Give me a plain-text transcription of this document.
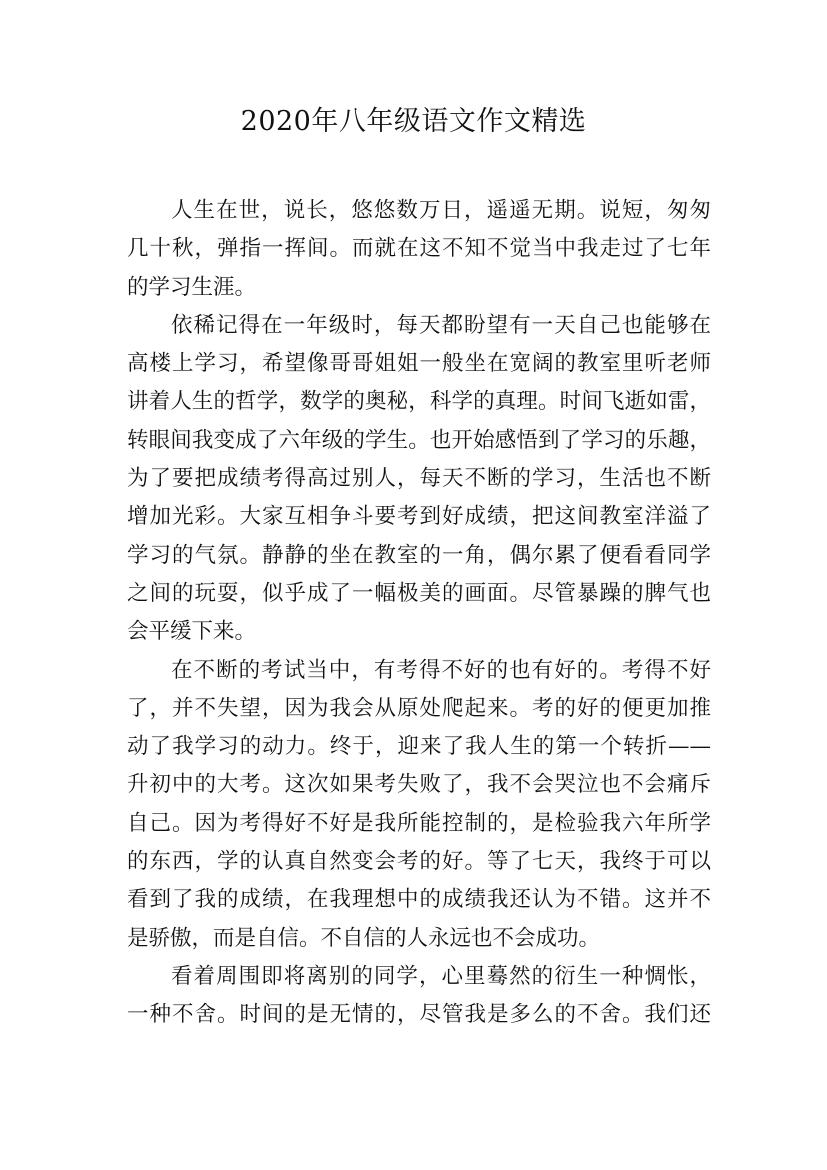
2020年八年级语文作文精选
人生在世，说长，悠悠数万日，遥遥无期。说短，匆匆
几十秋，弹指一挥间。而就在这不知不觉当中我走过了七年
的学习生涯。
依稀记得在一年级时，每天都盼望有一天自己也能够在
高楼上学习，希望像哥哥姐姐一般坐在宽阔的教室里听老师
讲着人生的哲学，数学的奥秘，科学的真理。时间飞逝如雷，
转眼间我变成了六年级的学生。也开始感悟到了学习的乐趣，
为了要把成绩考得高过别人，每天不断的学习，生活也不断
增加光彩。大家互相争斗要考到好成绩，把这间教室洋溢了
学习的气氛。静静的坐在教室的一角，偶尔累了便看看同学
之间的玩耍，似乎成了一幅极美的画面。尽管暴躁的脾气也
会平缓下来。
在不断的考试当中，有考得不好的也有好的。考得不好
了，并不失望，因为我会从原处爬起来。考的好的便更加推
动了我学习的动力。终于，迎来了我人生的第一个转折——
升初中的大考。这次如果考失败了，我不会哭泣也不会痛斥
自己。因为考得好不好是我所能控制的，是检验我六年所学
的东西，学的认真自然变会考的好。等了七天，我终于可以
看到了我的成绩，在我理想中的成绩我还认为不错。这并不
是骄傲，而是自信。不自信的人永远也不会成功。
看着周围即将离别的同学，心里蓦然的衍生一种惆怅，
一种不舍。时间的是无情的，尽管我是多么的不舍。我们还
